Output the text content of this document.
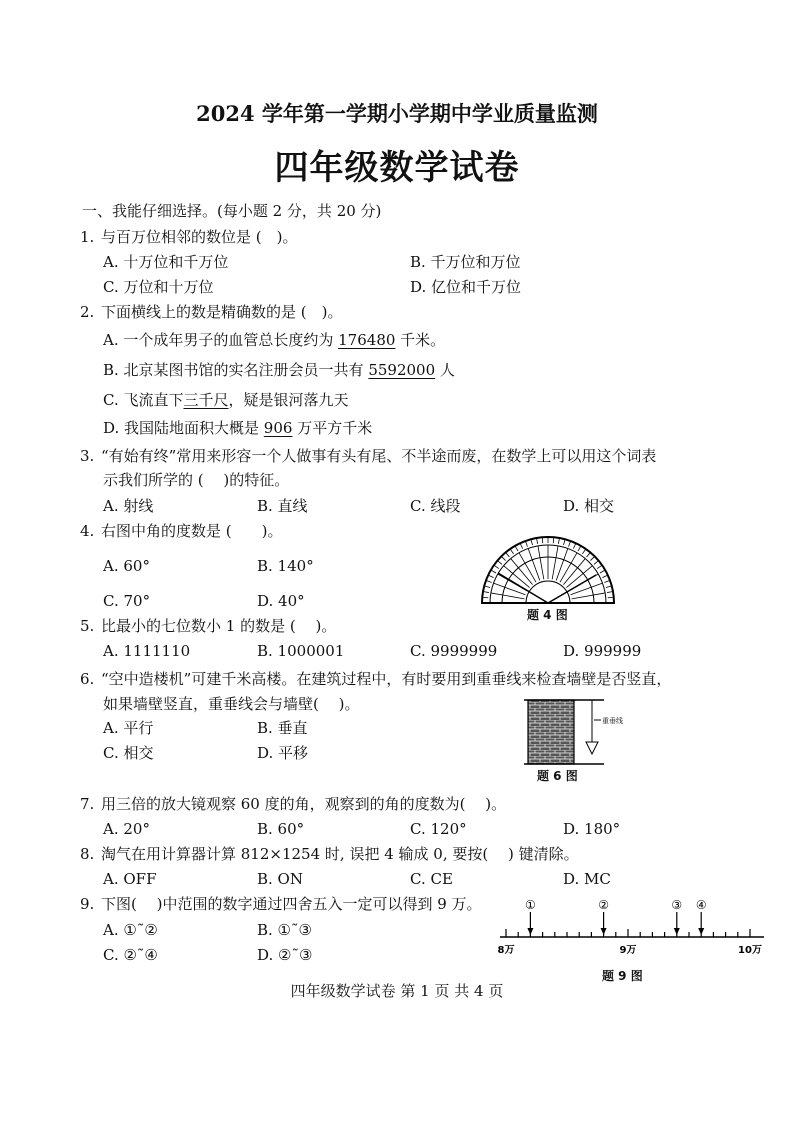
2024 学年第一学期小学期中学业质量监测
四年级数学试卷
一、我能仔细选择。(每小题 2 分，共 20 分)
1. 与百万位相邻的数位是 (　)。
A. 十万位和千万位	B. 千万位和万位
C. 万位和十万位	D. 亿位和千万位
2. 下面横线上的数是精确数的是 (　)。
A. 一个成年男子的血管总长度约为 176480 千米。
B. 北京某图书馆的实名注册会员一共有 5592000 人
C. 飞流直下三千尺，疑是银河落九天
D. 我国陆地面积大概是 906 万平方千米
3. “有始有终”常用来形容一个人做事有头有尾、不半途而废，在数学上可以用这个词表
示我们所学的 (　 )的特征。
A. 射线	B. 直线	C. 线段	D. 相交
4. 右图中角的度数是 (　　)。
A. 60°	B. 140°
C. 70°	D. 40°
题 4 图
5. 比最小的七位数小 1 的数是 (　 )。
A. 1111110	B. 1000001	C. 9999999	D. 999999
6. “空中造楼机”可建千米高楼。在建筑过程中，有时要用到重垂线来检查墙壁是否竖直，
如果墙壁竖直，重垂线会与墙壁(　 )。
A. 平行	B. 垂直
C. 相交	D. 平移
重垂线
题 6 图
7. 用三倍的放大镜观察 60 度的角，观察到的角的度数为(　 )。
A. 20°	B. 60°	C. 120°	D. 180°
8. 淘气在用计算器计算 812×1254 时, 误把 4 输成 0, 要按(　 ) 键清除。
A. OFF	B. ON	C. CE	D. MC
9. 下图(　 )中范围的数字通过四舍五入一定可以得到 9 万。
A. ①˜②	B. ①˜③
C. ②˜④	D. ②˜③	8万	9万	10万
①	②	③ ④
题 9 图
四年级数学试卷 第 1 页 共 4 页
